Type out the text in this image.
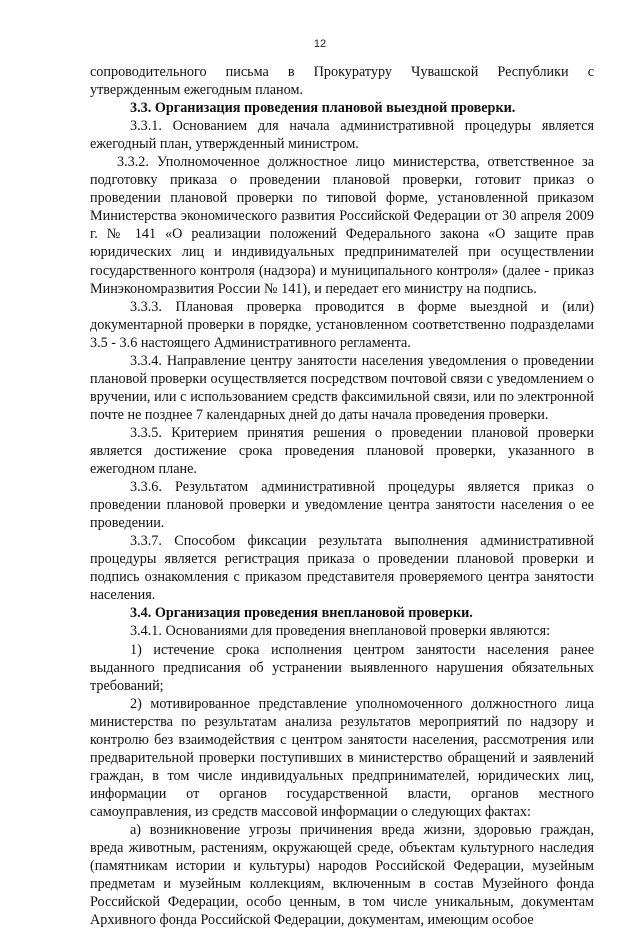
12

сопроводительного письма в Прокуратуру Чувашской Республики с утвержденным ежегодным планом.

3.3. Организация проведения плановой выездной проверки.

3.3.1. Основанием для начала административной процедуры является ежегодный план, утвержденный министром.

3.3.2. Уполномоченное должностное лицо министерства, ответственное за подготовку приказа о проведении плановой проверки, готовит приказ о проведении плановой проверки по типовой форме, установленной приказом Министерства экономического развития Российской Федерации от 30 апреля 2009 г. № 141 «О реализации положений Федерального закона «О защите прав юридических лиц и индивидуальных предпринимателей при осуществлении государственного контроля (надзора) и муниципального контроля» (далее - приказ Минэкономразвития России № 141), и передает его министру на подпись.

3.3.3. Плановая проверка проводится в форме выездной и (или) документарной проверки в порядке, установленном соответственно подразделами 3.5 - 3.6 настоящего Административного регламента.

3.3.4. Направление центру занятости населения уведомления о проведении плановой проверки осуществляется посредством почтовой связи с уведомлением о вручении, или с использованием средств факсимильной связи, или по электронной почте не позднее 7 календарных дней до даты начала проведения проверки.

3.3.5. Критерием принятия решения о проведении плановой проверки является достижение срока проведения плановой проверки, указанного в ежегодном плане.

3.3.6. Результатом административной процедуры является приказ о проведении плановой проверки и уведомление центра занятости населения о ее проведении.

3.3.7. Способом фиксации результата выполнения административной процедуры является регистрация приказа о проведении плановой проверки и подпись ознакомления с приказом представителя проверяемого центра занятости населения.

3.4. Организация проведения внеплановой проверки.

3.4.1. Основаниями для проведения внеплановой проверки являются:

1) истечение срока исполнения центром занятости населения ранее выданного предписания об устранении выявленного нарушения обязательных требований;

2) мотивированное представление уполномоченного должностного лица министерства по результатам анализа результатов мероприятий по надзору и контролю без взаимодействия с центром занятости населения, рассмотрения или предварительной проверки поступивших в министерство обращений и заявлений граждан, в том числе индивидуальных предпринимателей, юридических лиц, информации от органов государственной власти, органов местного самоуправления, из средств массовой информации о следующих фактах:

а) возникновение угрозы причинения вреда жизни, здоровью граждан, вреда животным, растениям, окружающей среде, объектам культурного наследия (памятникам истории и культуры) народов Российской Федерации, музейным предметам и музейным коллекциям, включенным в состав Музейного фонда Российской Федерации, особо ценным, в том числе уникальным, документам Архивного фонда Российской Федерации, документам, имеющим особое
